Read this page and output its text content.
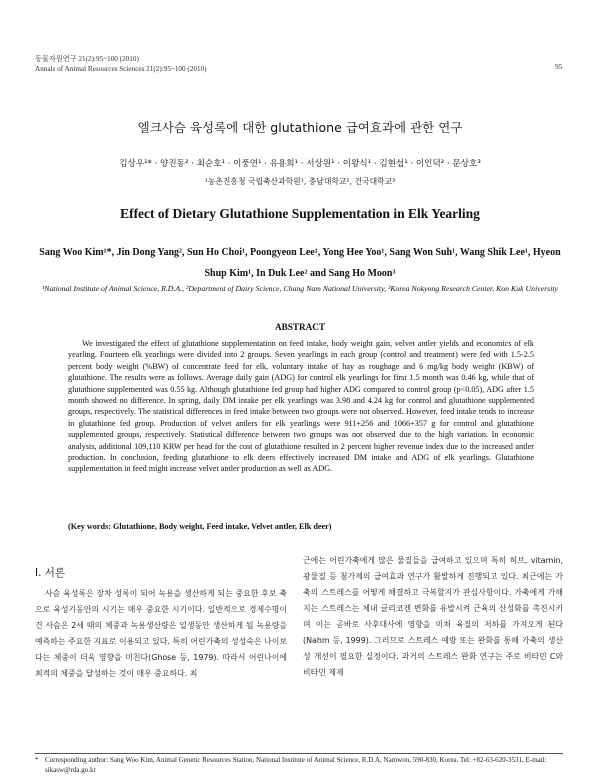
동물자원연구 21(2):95~100 (2010)
Annals of Animal Resources Sciences 21(2):95~100 (2010)	95
엘크사슴 육성록에 대한 glutathione 급여효과에 관한 연구
김상우¹* · 양진동² · 최순호¹ · 이풍연¹ · 유용희¹ · 서상원¹ · 이왕식¹ · 김현섭¹ · 이인덕² · 문상호³
¹농촌진흥청 국립축산과학원¹, 충남대학교², 건국대학교³
Effect of Dietary Glutathione Supplementation in Elk Yearling
Sang Woo Kim¹*, Jin Dong Yang², Sun Ho Choi¹, Poongyeon Lee¹, Yong Hee Yoo¹, Sang Won Suh¹, Wang Shik Lee¹, Hyeon Shup Kim¹, In Duk Lee² and Sang Ho Moon³
¹National Institute of Animal Science, R.D.A., ²Department of Dairy Science, Chung Nam National University, ³Korea Nokyong Research Center, Kon Kuk University
ABSTRACT
We investigated the effect of glutathione supplementation on feed intake, body weight gain, velvet antler yields and economics of elk yearling. Fourteen elk yearlings were divided into 2 groups. Seven yearlings in each group (control and treatment) were fed with 1.5-2.5 percent body weight (%BW) of concentrate feed for elk, voluntary intake of hay as roughage and 6 mg/kg body weight (KBW) of glutathione. The results were as follows. Average daily gain (ADG) for control elk yearlings for first 1.5 month was 0.46 kg, while that of glutathione supplemented was 0.55 kg. Although glutathione fed group had higher ADG compared to control group (p<0.05), ADG after 1.5 month showed no difference. In spring, daily DM intake per elk yearlings was 3.98 and 4.24 kg for control and glutathione supplemented groups, respectively. The statistical differences in feed intake between two groups were not observed. However, feed intake tends to increase in glutathione fed group. Production of velvet antlers for elk yearlings were 911+256 and 1066+357 g for control and glutathione supplemented groups, respectively. Statistical difference between two groups was not observed due to the high variation. In economic analysis, additional 109,110 KRW per head for the cost of glutathione resulted in 2 percent higher revenue index due to the increased antler production. In conclusion, feeding glutathione to elk deers effectively increased DM intake and ADG of elk yearlings. Glutathione supplementation in feed might increase velvet antler production as well as ADG.
(Key words: Glutathione, Body weight, Feed intake, Velvet antler, Elk deer)
I. 서론
사슴 육성록은 장차 성록이 되어 녹용을 생산하게 되는 중요한 후보 축으로 육성기동안의 시기는 매우 중요한 시기이다. 일반적으로 경제수명이건 사슴은 2세 때의 체중과 녹용생산량은 일생동안 생산하게 될 녹용량을 예측하는 주요한 지표로 이용되고 있다. 특히 어린가축의 성성숙은 나이보다는 체중이 더욱 영향을 미친다(Ghose 등, 1979). 따라서 어린나이에 최적의 체중을 달성하는 것이 매우 중요하다. 최
근에는 어린가축에게 많은 물질들을 급여하고 있으며 특히 허브, vitamin, 광물질 등 첨가제의 급여효과 연구가 활발하게 진행되고 있다. 최근에는 가축의 스트레스를 어떻게 해결하고 극복할지가 관심사항이다. 가축에게 가해지는 스트레스는 체내 글리코겐 변화를 유발시켜 근육의 산성화를 촉진시키며 이는 곧바로 사후대사에 영향을 미쳐 육질의 저하를 가져오게 된다(Nahm 등, 1999). 그러므로 스트레스 예방 또는 완화를 통해 가축의 생산성 개선이 필요한 실정이다. 과거의 스트레스 완화 연구는 주로 비타민 C와 비타민 제제
* Corresponding author: Sang Woo Kim, Animal Genetic Resources Station, National Institute of Animal Science, R.D.A, Namwon, 590-830, Korea. Tel: +82-63-620-3531, E-mail: sikasw@rda.go.kr
